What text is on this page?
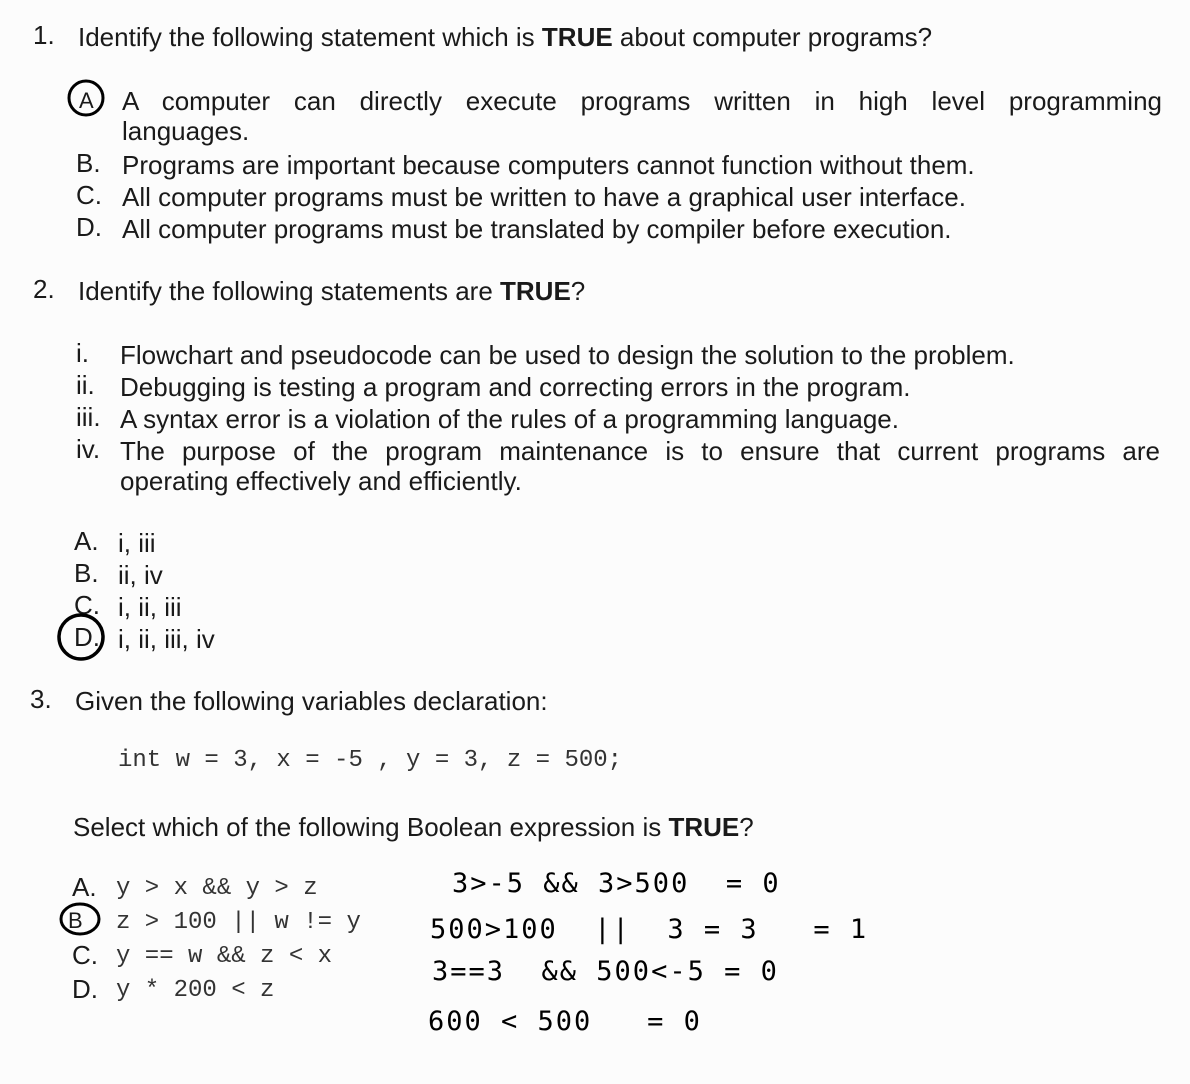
1. Identify the following statement which is TRUE about computer programs?
A A computer can directly execute programs written in high level programming
languages.
B. Programs are important because computers cannot function without them.
C. All computer programs must be written to have a graphical user interface.
D. All computer programs must be translated by compiler before execution.
2. Identify the following statements are TRUE?
i. Flowchart and pseudocode can be used to design the solution to the problem.
ii. Debugging is testing a program and correcting errors in the program.
iii. A syntax error is a violation of the rules of a programming language.
iv. The purpose of the program maintenance is to ensure that current programs are
operating effectively and efficiently.
A. i, iii
B. ii, iv
C. i, ii, iii
D. i, ii, iii, iv
3. Given the following variables declaration:
int w = 3, x = -5 , y = 3, z = 500;
Select which of the following Boolean expression is TRUE?
A. y > x && y > z
B z > 100 || w != y
C. y == w && z < x
D. y * 200 < z
3>-5 && 3>500  = 0
500>100  ||  3 = 3   = 1
3==3  && 500<-5 = 0
600 < 500   = 0
